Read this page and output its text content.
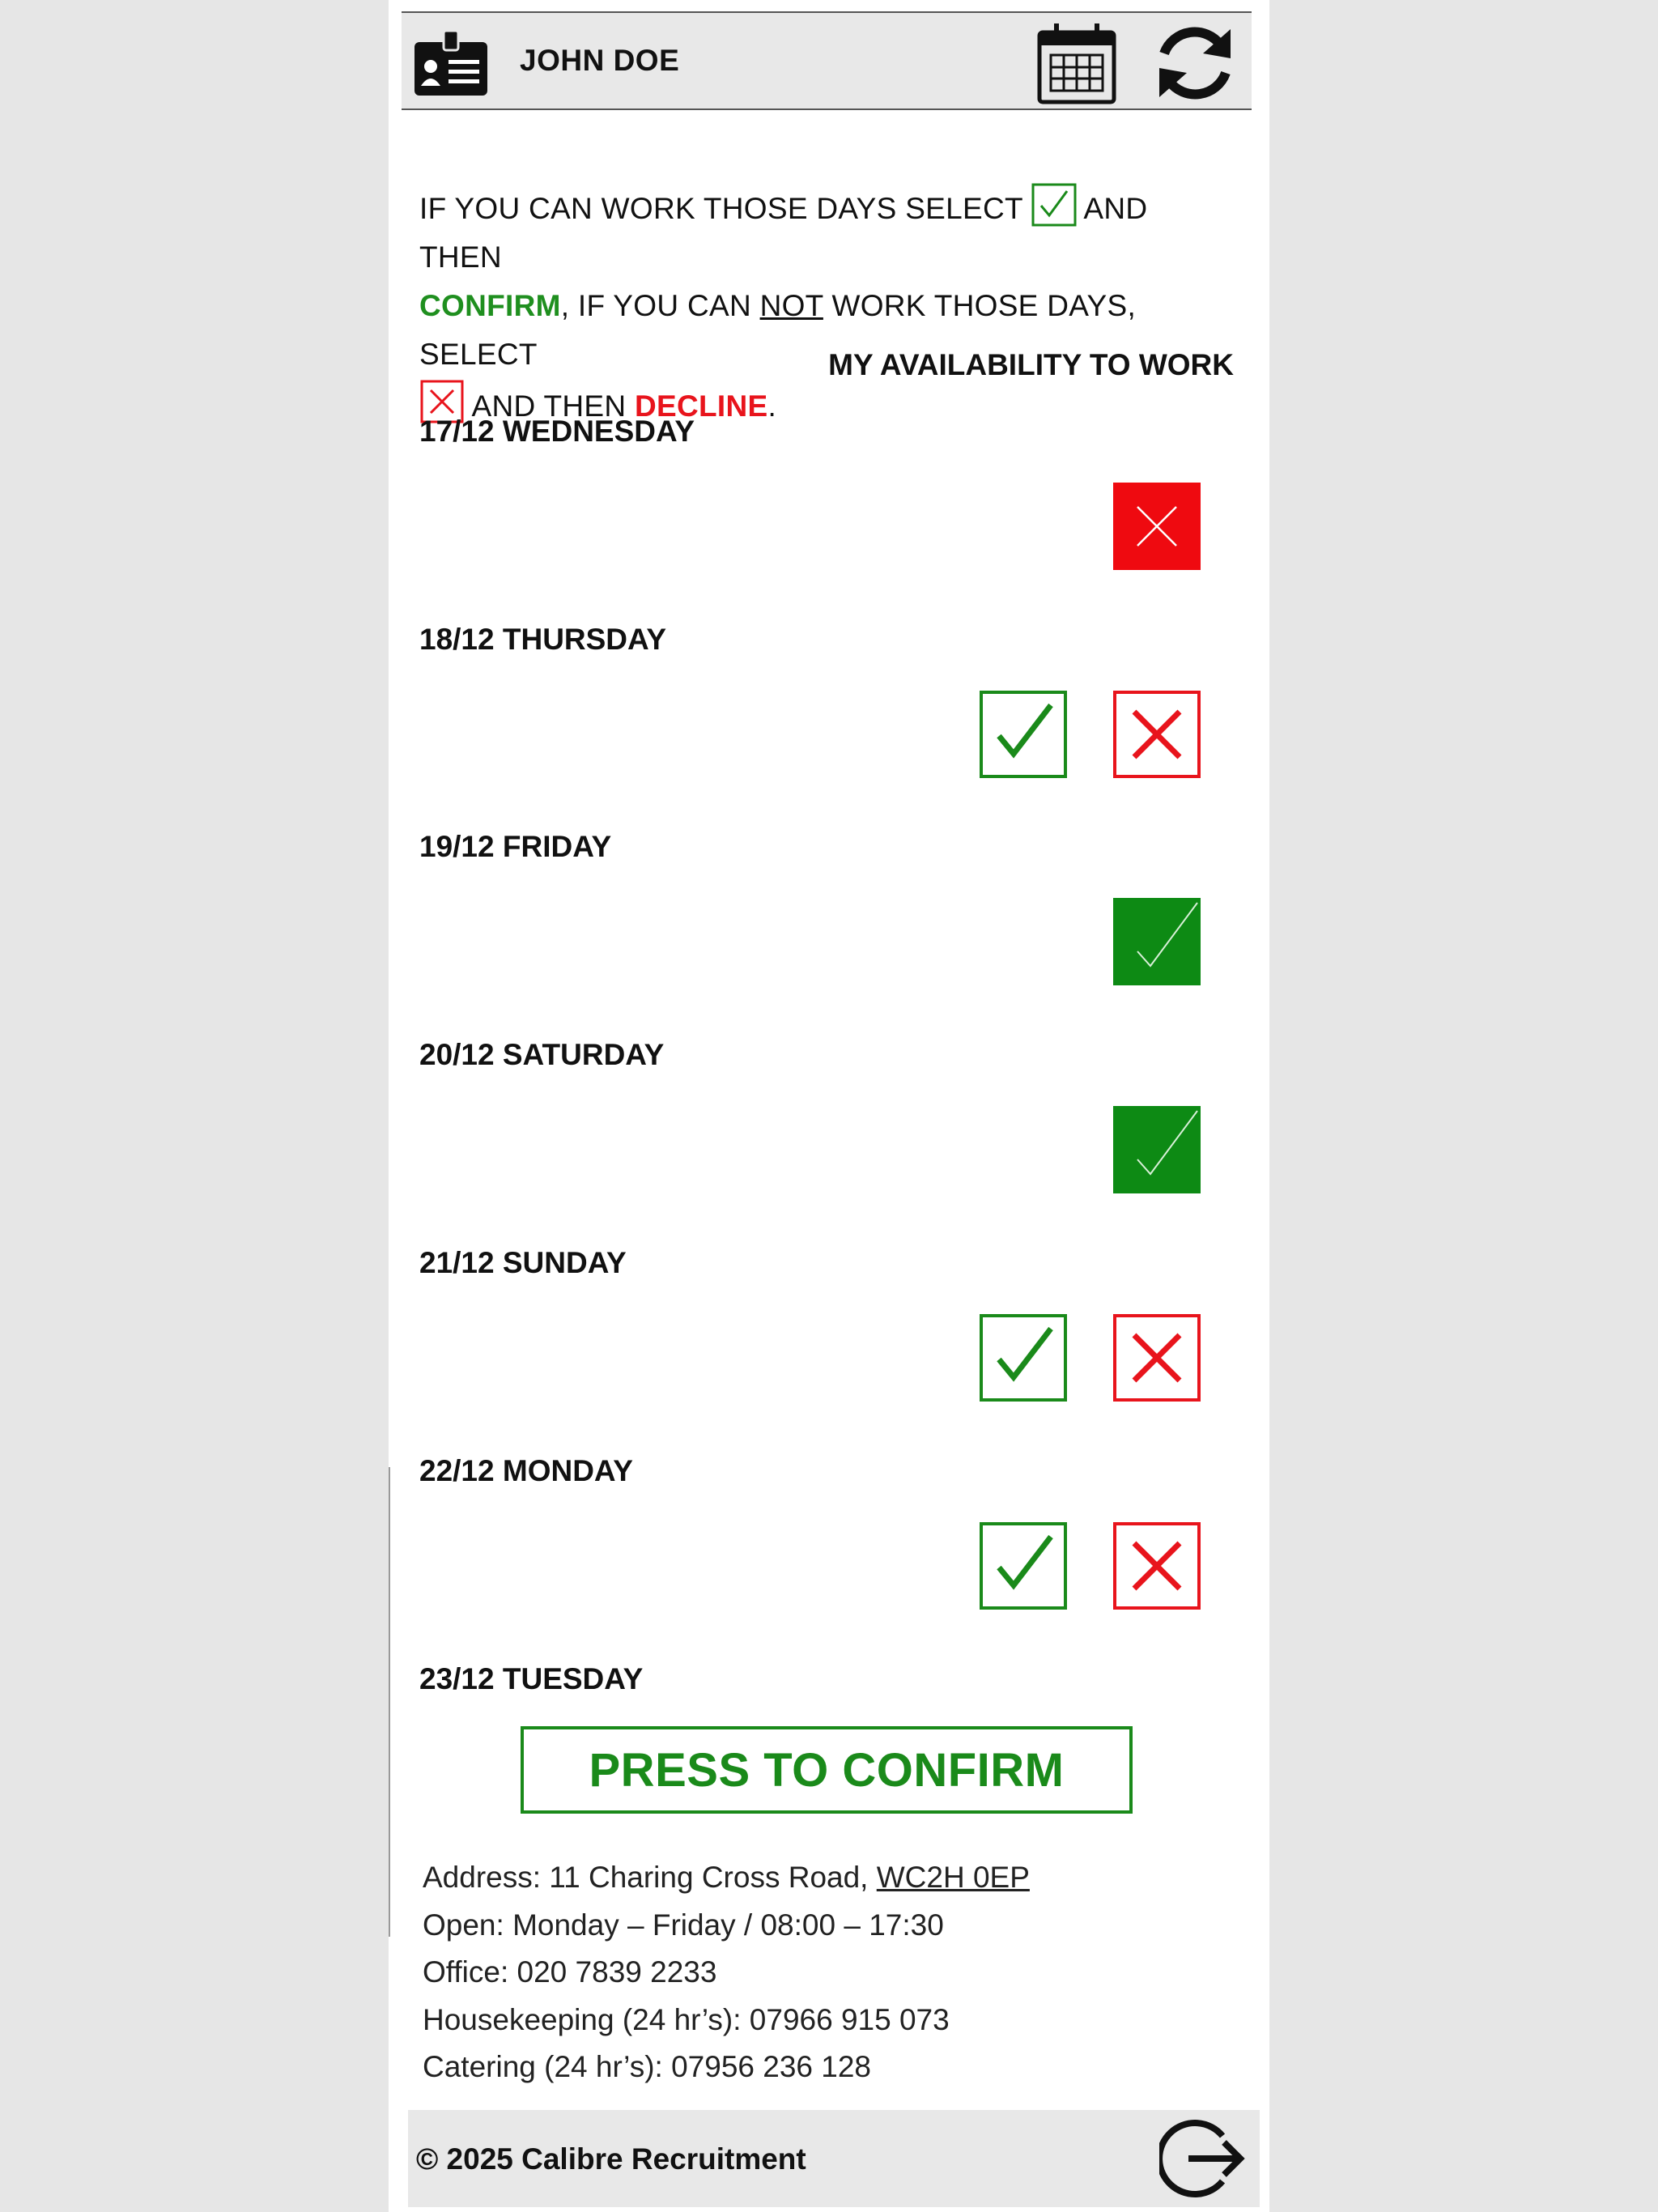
JOHN DOE
IF YOU CAN WORK THOSE DAYS SELECT  AND THEN
CONFIRM, IF YOU CAN NOT WORK THOSE DAYS, SELECT
AND THEN DECLINE.
MY AVAILABILITY TO WORK
17/12 WEDNESDAY
18/12 THURSDAY
19/12 FRIDAY
20/12 SATURDAY
21/12 SUNDAY
22/12 MONDAY
23/12 TUESDAY
PRESS TO CONFIRM
Address: 11 Charing Cross Road, WC2H 0EP
Open: Monday – Friday / 08:00 – 17:30
Office: 020 7839 2233
Housekeeping (24 hr’s): 07966 915 073
Catering (24 hr’s): 07956 236 128
© 2025 Calibre Recruitment
